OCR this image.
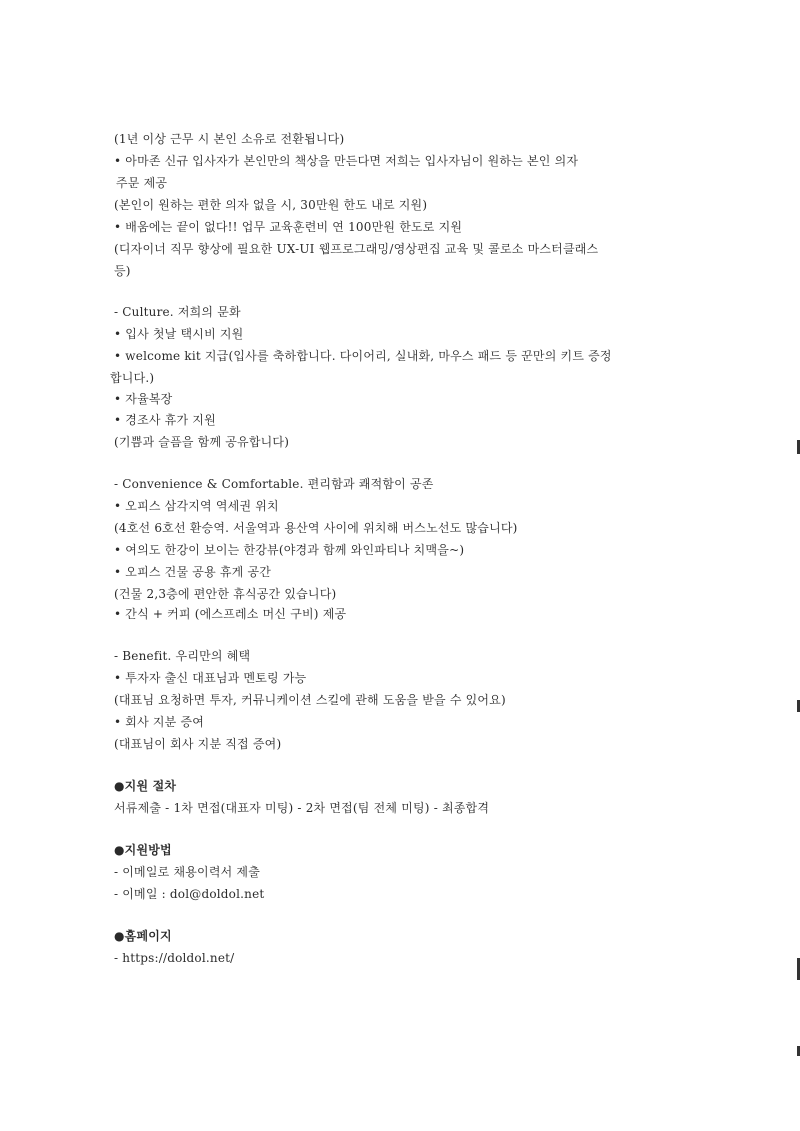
(1년 이상 근무 시 본인 소유로 전환됩니다)
• 아마존 신규 입사자가 본인만의 책상을 만든다면 저희는 입사자님이 원하는 본인 의자
주문 제공
(본인이 원하는 편한 의자 없을 시, 30만원 한도 내로 지원)
• 배움에는 끝이 없다!! 업무 교육훈련비 연 100만원 한도로 지원
(디자이너 직무 향상에 필요한 UX-UI 웹프로그래밍/영상편집 교육 및 콜로소 마스터클래스
등)
- Culture. 저희의 문화
• 입사 첫날 택시비 지원
• welcome kit 지급(입사를 축하합니다. 다이어리, 실내화, 마우스 패드 등 꾼만의 키트 증정
합니다.)
• 자율복장
• 경조사 휴가 지원
(기쁨과 슬픔을 함께 공유합니다)
- Convenience & Comfortable. 편리함과 쾌적함이 공존
• 오피스 삼각지역 역세권 위치
(4호선 6호선 환승역. 서울역과 용산역 사이에 위치해 버스노선도 많습니다)
• 여의도 한강이 보이는 한강뷰(야경과 함께 와인파티나 치맥을~)
• 오피스 건물 공용 휴게 공간
(건물 2,3층에 편안한 휴식공간 있습니다)
• 간식 + 커피 (에스프레소 머신 구비) 제공
- Benefit. 우리만의 혜택
• 투자자 출신 대표님과 멘토링 가능
(대표님 요청하면 투자, 커뮤니케이션 스킬에 관해 도움을 받을 수 있어요)
• 회사 지분 증여
(대표님이 회사 지분 직접 증여)
●지원 절차
서류제출 - 1차 면접(대표자 미팅) - 2차 면접(팀 전체 미팅) - 최종합격
●지원방법
- 이메일로 채용이력서 제출
- 이메일 : dol@doldol.net
●홈페이지
- https://doldol.net/
